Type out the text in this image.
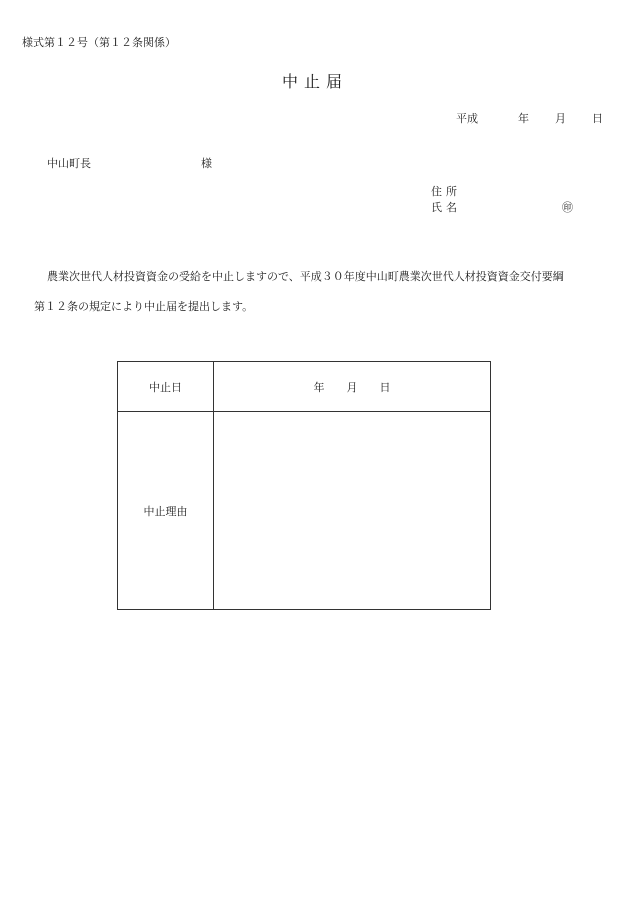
様式第１２号（第１２条関係）
中止届
平成	年 月 日
中山町長	様
住所
氏名	㊞
農業次世代人材投資資金の受給を中止しますので、平成３０年度中山町農業次世代人材投資資金交付要綱
第１２条の規定により中止届を提出します。
中止日	年 月 日
中止理由	
